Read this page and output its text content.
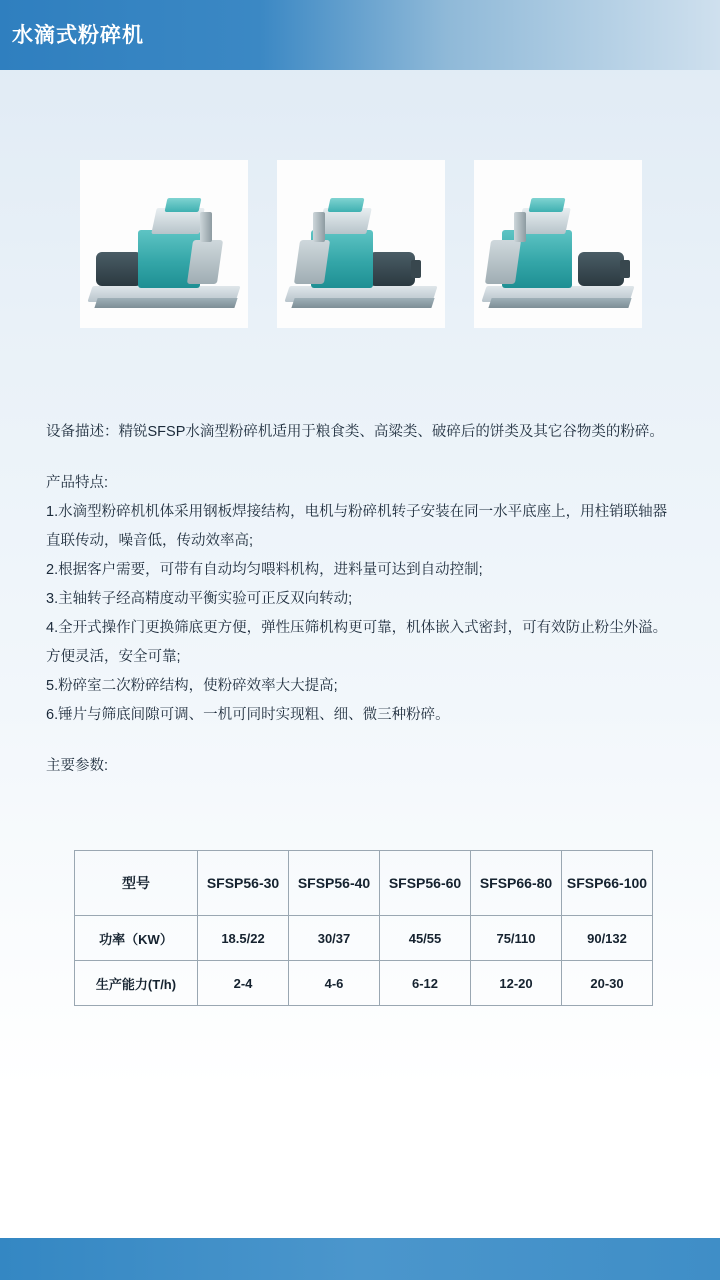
水滴式粉碎机

设备描述：精锐SFSP水滴型粉碎机适用于粮食类、高粱类、破碎后的饼类及其它谷物类的粉碎。

产品特点:

1.水滴型粉碎机机体采用钢板焊接结构，电机与粉碎机转子安装在同一水平底座上，用柱销联轴器直联传动，噪音低，传动效率高;

2.根据客户需要，可带有自动均匀喂料机构，进料量可达到自动控制;

3.主轴转子经高精度动平衡实验可正反双向转动;

4.全开式操作门更换筛底更方便，弹性压筛机构更可靠，机体嵌入式密封，可有效防止粉尘外溢。方便灵活，安全可靠;

5.粉碎室二次粉碎结构，使粉碎效率大大提高;

6.锤片与筛底间隙可调、一机可同时实现粗、细、微三种粉碎。

主要参数:

型号	SFSP56-30	SFSP56-40	SFSP56-60	SFSP66-80	SFSP66-100
功率（KW）	18.5/22	30/37	45/55	75/110	90/132
生产能力(T/h)	2-4	4-6	6-12	12-20	20-30
